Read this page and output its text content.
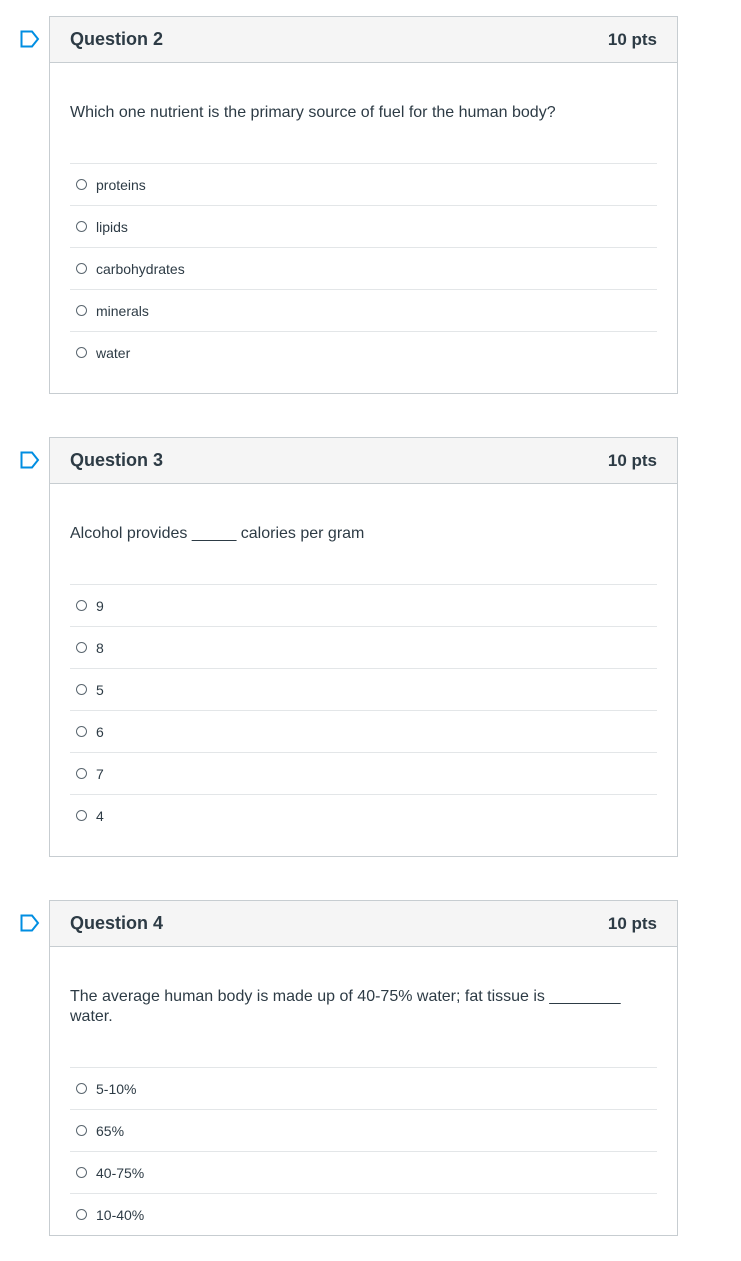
Question 2	10 pts

Which one nutrient is the primary source of fuel for the human body?

proteins
lipids
carbohydrates
minerals
water
Question 3	10 pts

Alcohol provides _____ calories per gram

9
8
5
6
7
4
Question 4	10 pts

The average human body is made up of 40-75% water; fat tissue is ________ water.

5-10%
65%
40-75%
10-40%
